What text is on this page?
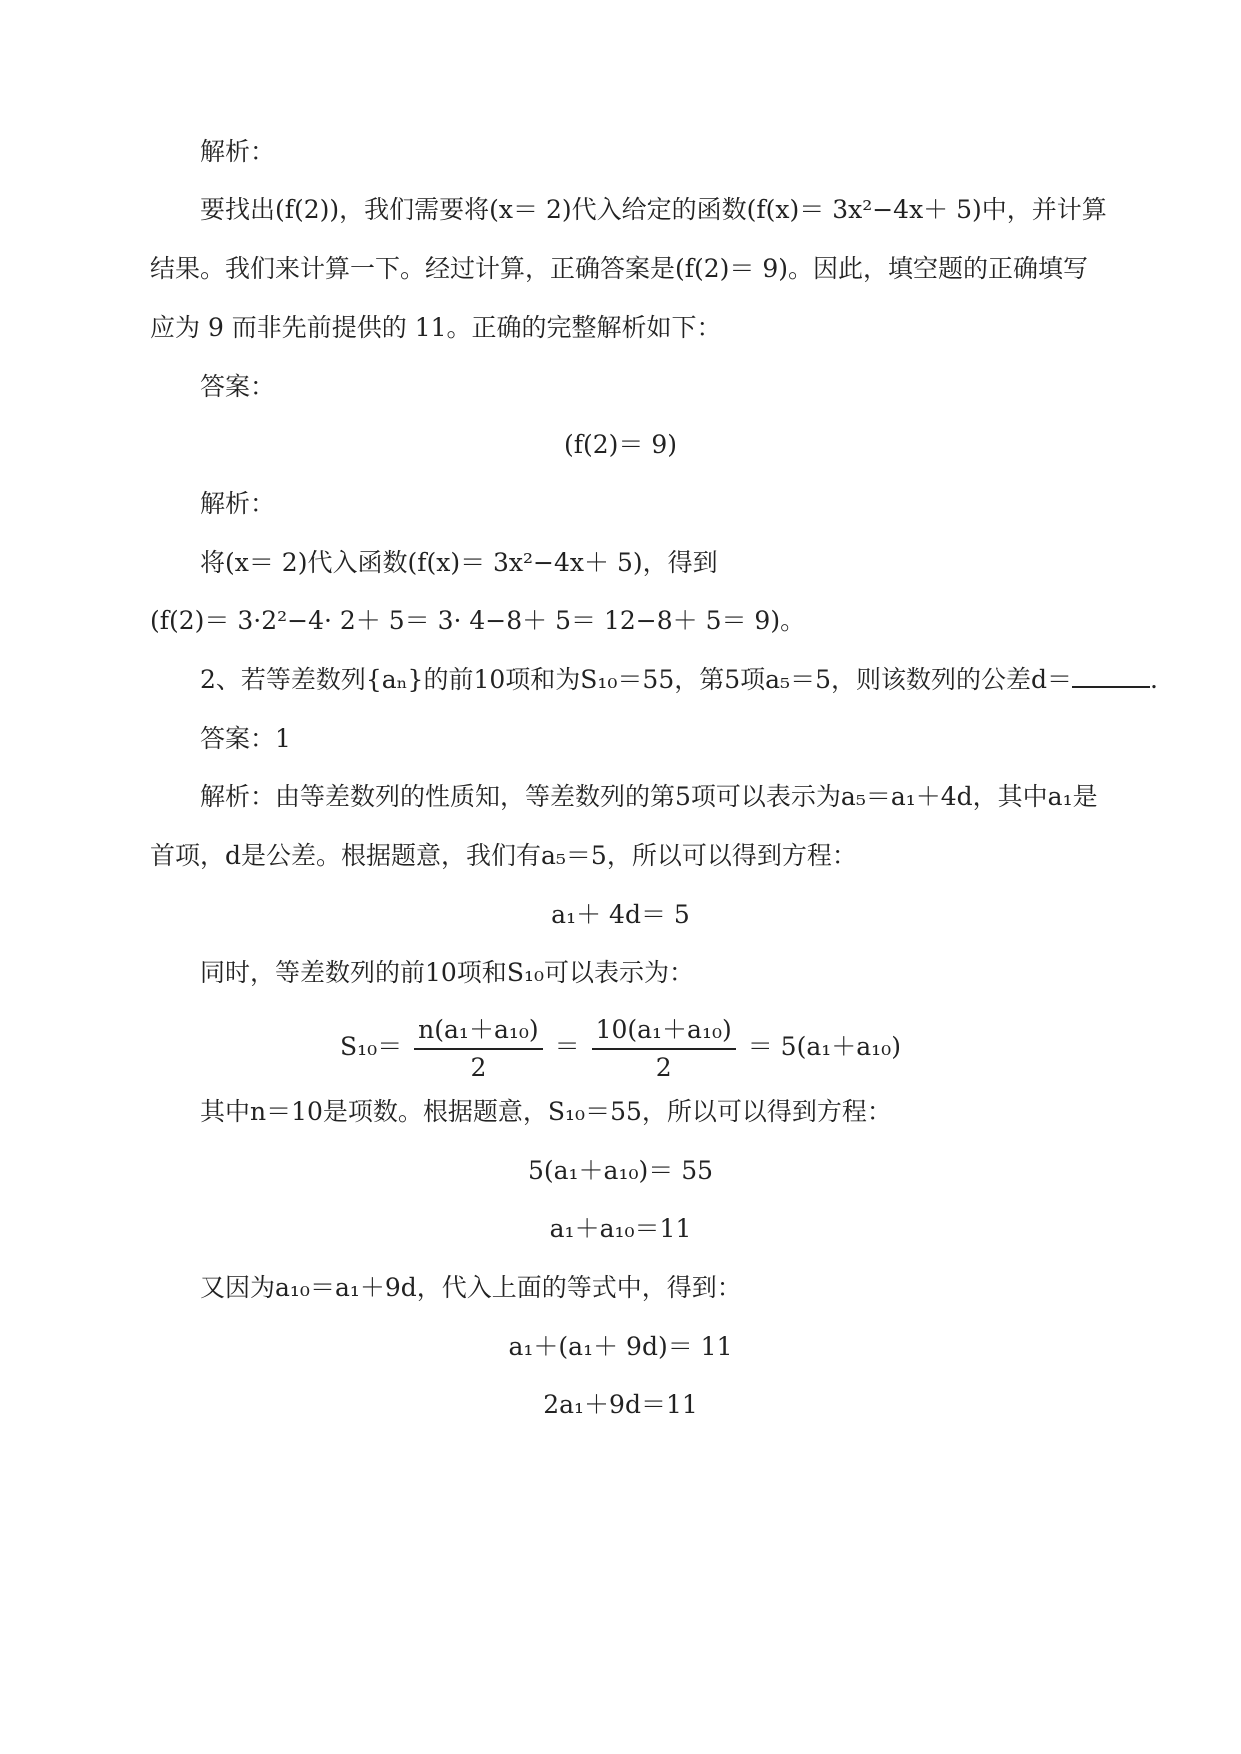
解析：
要找出(f(2))，我们需要将(x＝ 2)代入给定的函数(f(x)＝ 3x²−4x＋ 5)中，并计算
结果。我们来计算一下。经过计算，正确答案是(f(2)＝ 9)。因此，填空题的正确填写
应为 9 而非先前提供的 11。正确的完整解析如下：
答案：
(f(2)＝ 9)
解析：
将(x＝ 2)代入函数(f(x)＝ 3x²−4x＋ 5)，得到
(f(2)＝ 3·2²−4· 2＋ 5＝ 3· 4−8＋ 5＝ 12−8＋ 5＝ 9)。
2、若等差数列{aₙ}的前10项和为S₁₀＝55，第5项a₅＝5，则该数列的公差d＝	.
答案：1
解析：由等差数列的性质知，等差数列的第5项可以表示为a₅＝a₁＋4d，其中a₁是
首项，d是公差。根据题意，我们有a₅＝5，所以可以得到方程：
a₁＋ 4d＝ 5
同时，等差数列的前10项和S₁₀可以表示为：
$S_{10}= \frac{\text{n(a₁＋a₁₀)}}{2} = \frac{\text{10(a₁＋a₁₀)}}{2} = 5(a_1+a_{10})$
其中n＝10是项数。根据题意，S₁₀＝55，所以可以得到方程：
5(a₁＋a₁₀)＝ 55
a₁＋a₁₀＝11
又因为a₁₀＝a₁＋9d，代入上面的等式中，得到：
a₁＋(a₁＋ 9d)＝ 11
2a₁＋9d＝11
